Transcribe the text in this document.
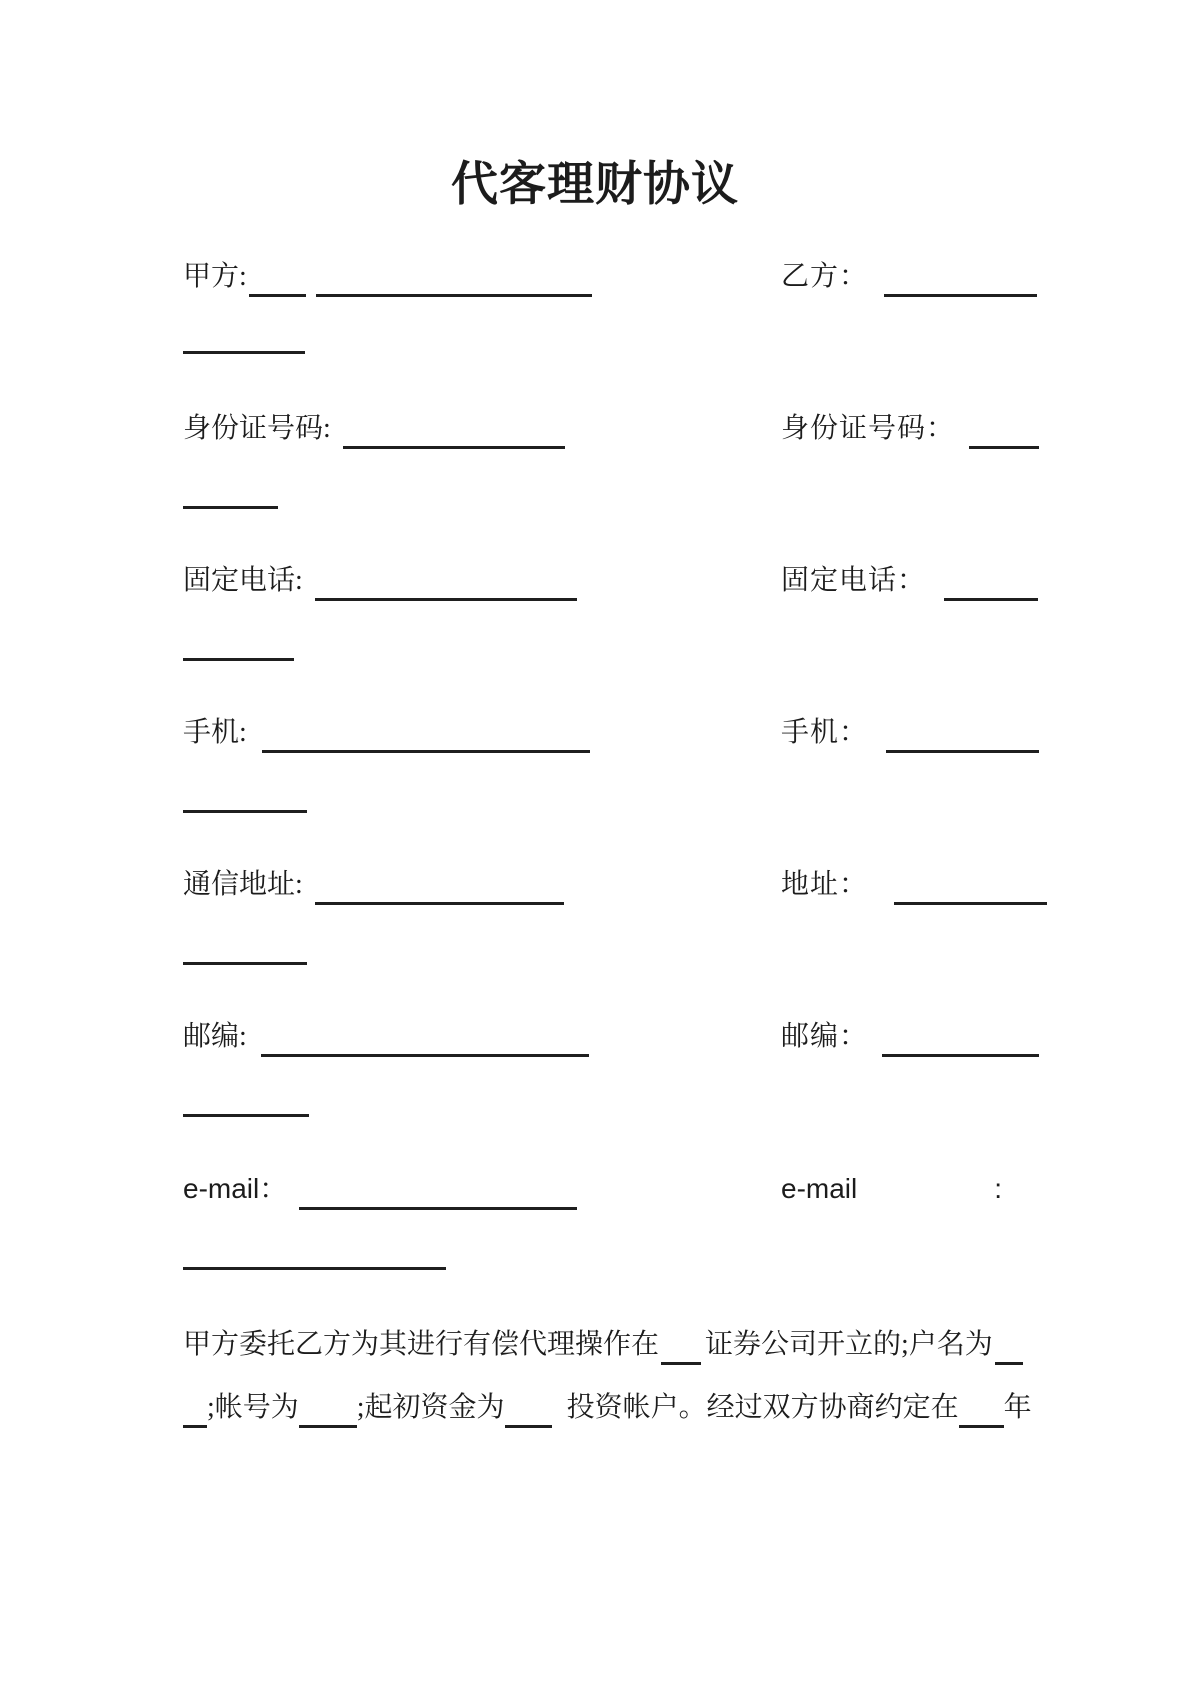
代客理财协议
甲方:	乙方：
身份证号码:	身份证号码：
固定电话:	固定电话：
手机:	手机：
通信地址:	地址：
邮编:	邮编：
e-mail：	e-mail	:
甲方委托乙方为其进行有偿代理操作在 证券公司开立的;户名为
;帐号为 ;起初资金为 投资帐户。经过双方协商约定在 年
